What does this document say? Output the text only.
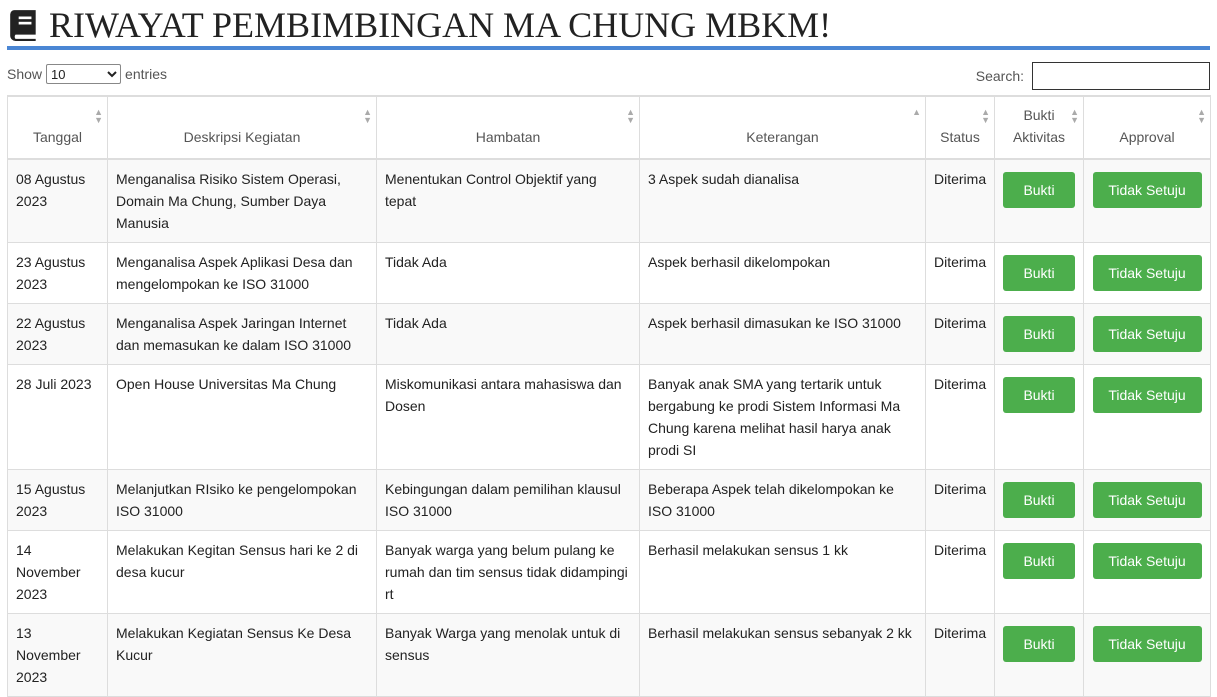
RIWAYAT PEMBIMBINGAN MA CHUNG MBKM!
Show
10	entries	Search:
Tanggal
▲
▼	Deskripsi Kegiatan
▲
▼	Hambatan
▲
▼	Keterangan
▲	Status
▲
▼	Bukti Aktivitas
▲
▼	Approval
▲
▼

08 Agustus 2023	Menganalisa Risiko Sistem Operasi, Domain Ma Chung, Sumber Daya Manusia	Menentukan Control Objektif yang tepat	3 Aspek sudah dianalisa	Diterima	Bukti	Tidak Setuju

23 Agustus 2023	Menganalisa Aspek Aplikasi Desa dan mengelompokan ke ISO 31000	Tidak Ada	Aspek berhasil dikelompokan	Diterima	Bukti	Tidak Setuju

22 Agustus 2023	Menganalisa Aspek Jaringan Internet dan memasukan ke dalam ISO 31000	Tidak Ada	Aspek berhasil dimasukan ke ISO 31000	Diterima	Bukti	Tidak Setuju

28 Juli 2023	Open House Universitas Ma Chung	Miskomunikasi antara mahasiswa dan Dosen	Banyak anak SMA yang tertarik untuk bergabung ke prodi Sistem Informasi Ma Chung karena melihat hasil harya anak prodi SI	Diterima	Bukti	Tidak Setuju

15 Agustus 2023	Melanjutkan RIsiko ke pengelompokan ISO 31000	Kebingungan dalam pemilihan klausul ISO 31000	Beberapa Aspek telah dikelompokan ke ISO 31000	Diterima	Bukti	Tidak Setuju

14 November 2023	Melakukan Kegitan Sensus hari ke 2 di desa kucur	Banyak warga yang belum pulang ke rumah dan tim sensus tidak didampingi rt	Berhasil melakukan sensus 1 kk	Diterima	Bukti	Tidak Setuju

13 November 2023	Melakukan Kegiatan Sensus Ke Desa Kucur	Banyak Warga yang menolak untuk di sensus	Berhasil melakukan sensus sebanyak 2 kk	Diterima	Bukti	Tidak Setuju
